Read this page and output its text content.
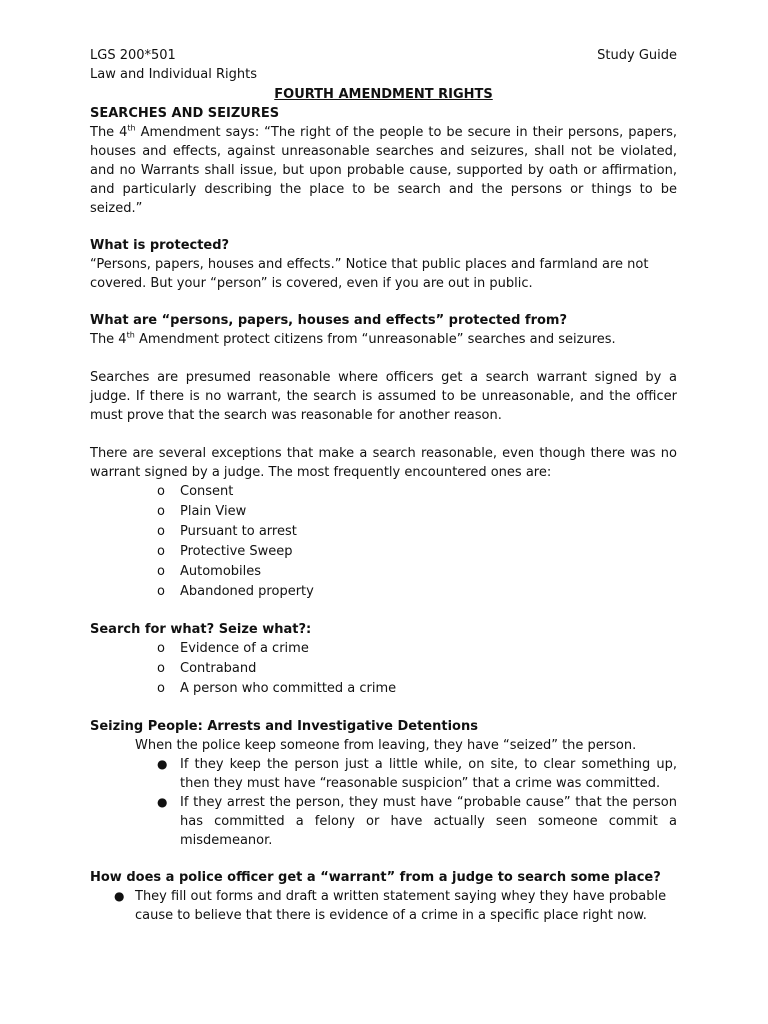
LGS 200*501	Study Guide
Law and Individual Rights
FOURTH AMENDMENT RIGHTS
SEARCHES AND SEIZURES

The 4th Amendment says: “The right of the people to be secure in their persons, papers, houses and effects, against unreasonable searches and seizures, shall not be violated, and no Warrants shall issue, but upon probable cause, supported by oath or affirmation, and particularly describing the place to be search and the persons or things to be seized.”

What is protected?

“Persons, papers, houses and effects.” Notice that public places and farmland are not covered. But your “person” is covered, even if you are out in public.

What are “persons, papers, houses and effects” protected from?

The 4th Amendment protect citizens from “unreasonable” searches and seizures.

Searches are presumed reasonable where officers get a search warrant signed by a judge. If there is no warrant, the search is assumed to be unreasonable, and the officer must prove that the search was reasonable for another reason.

There are several exceptions that make a search reasonable, even though there was no warrant signed by a judge. The most frequently encountered ones are:

o Consent
o Plain View
o Pursuant to arrest
o Protective Sweep
o Automobiles
o Abandoned property
Search for what? Seize what?:
o Evidence of a crime
o Contraband
o A person who committed a crime
Seizing People: Arrests and Investigative Detentions
When the police keep someone from leaving, they have “seized” the person.
● If they keep the person just a little while, on site, to clear something up, then they must have “reasonable suspicion” that a crime was committed.
● If they arrest the person, they must have “probable cause” that the person has committed a felony or have actually seen someone commit a misdemeanor.
How does a police officer get a “warrant” from a judge to search some place?
● They fill out forms and draft a written statement saying whey they have probable cause to believe that there is evidence of a crime in a specific place right now.
